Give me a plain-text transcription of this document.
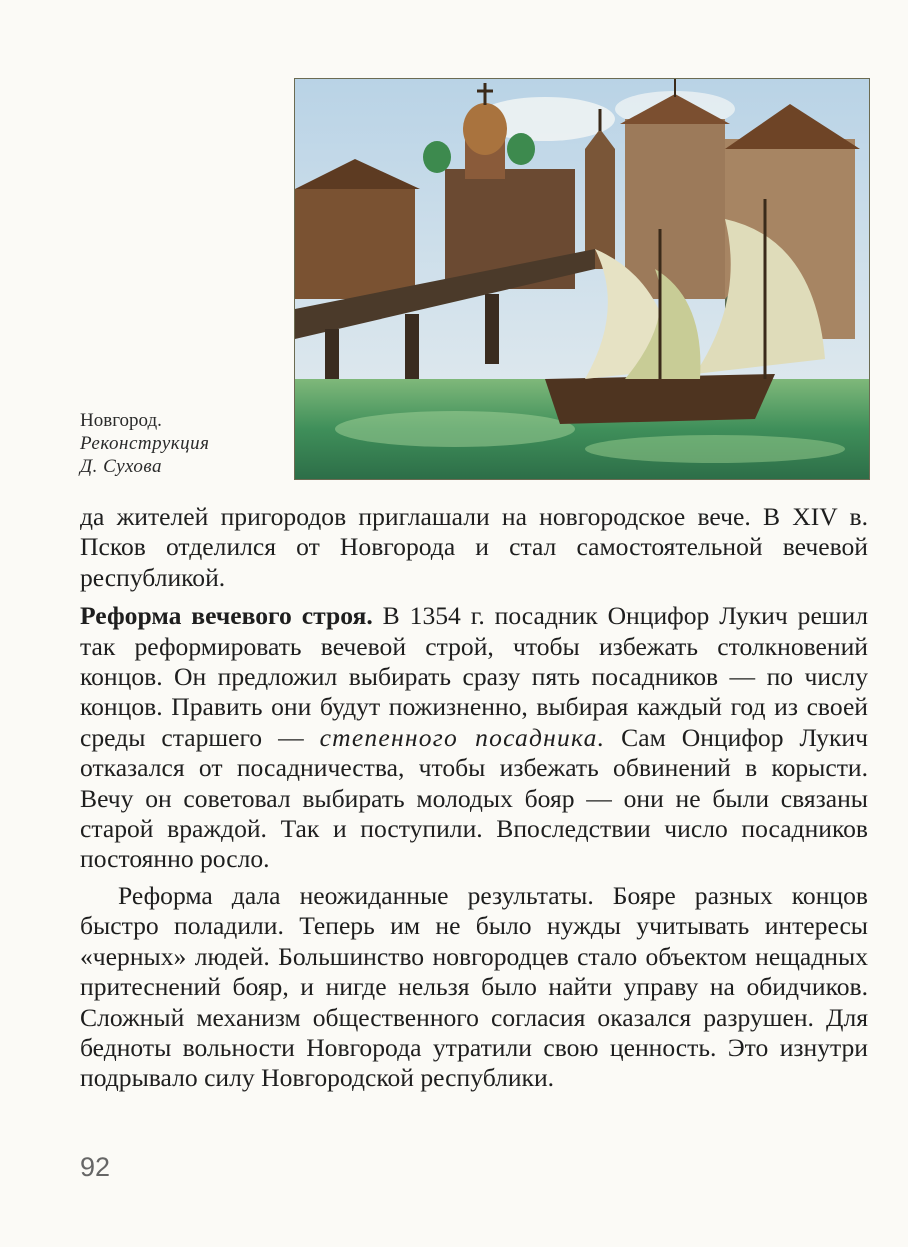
Новгород.
Реконструкция
Д. Сухова

да жителей пригородов приглашали на новгородское вече. В XIV в. Псков отделился от Новгорода и стал самостоятельной вечевой республикой.

Реформа вечевого строя. В 1354 г. посадник Онцифор Лукич решил так реформировать вечевой строй, чтобы избежать столкновений концов. Он предложил выбирать сразу пять посадников — по числу концов. Править они будут пожизненно, выбирая каждый год из своей среды старшего — степенного посадника. Сам Онцифор Лукич отказался от посадничества, чтобы избежать обвинений в корысти. Вечу он советовал выбирать молодых бояр — они не были связаны старой враждой. Так и поступили. Впоследствии число посадников постоянно росло.

Реформа дала неожиданные результаты. Бояре разных концов быстро поладили. Теперь им не было нужды учитывать интересы «черных» людей. Большинство новгородцев стало объектом нещадных притеснений бояр, и нигде нельзя было найти управу на обидчиков. Сложный механизм общественного согласия оказался разрушен. Для бедноты вольности Новгорода утратили свою ценность. Это изнутри подрывало силу Новгородской республики.

92
